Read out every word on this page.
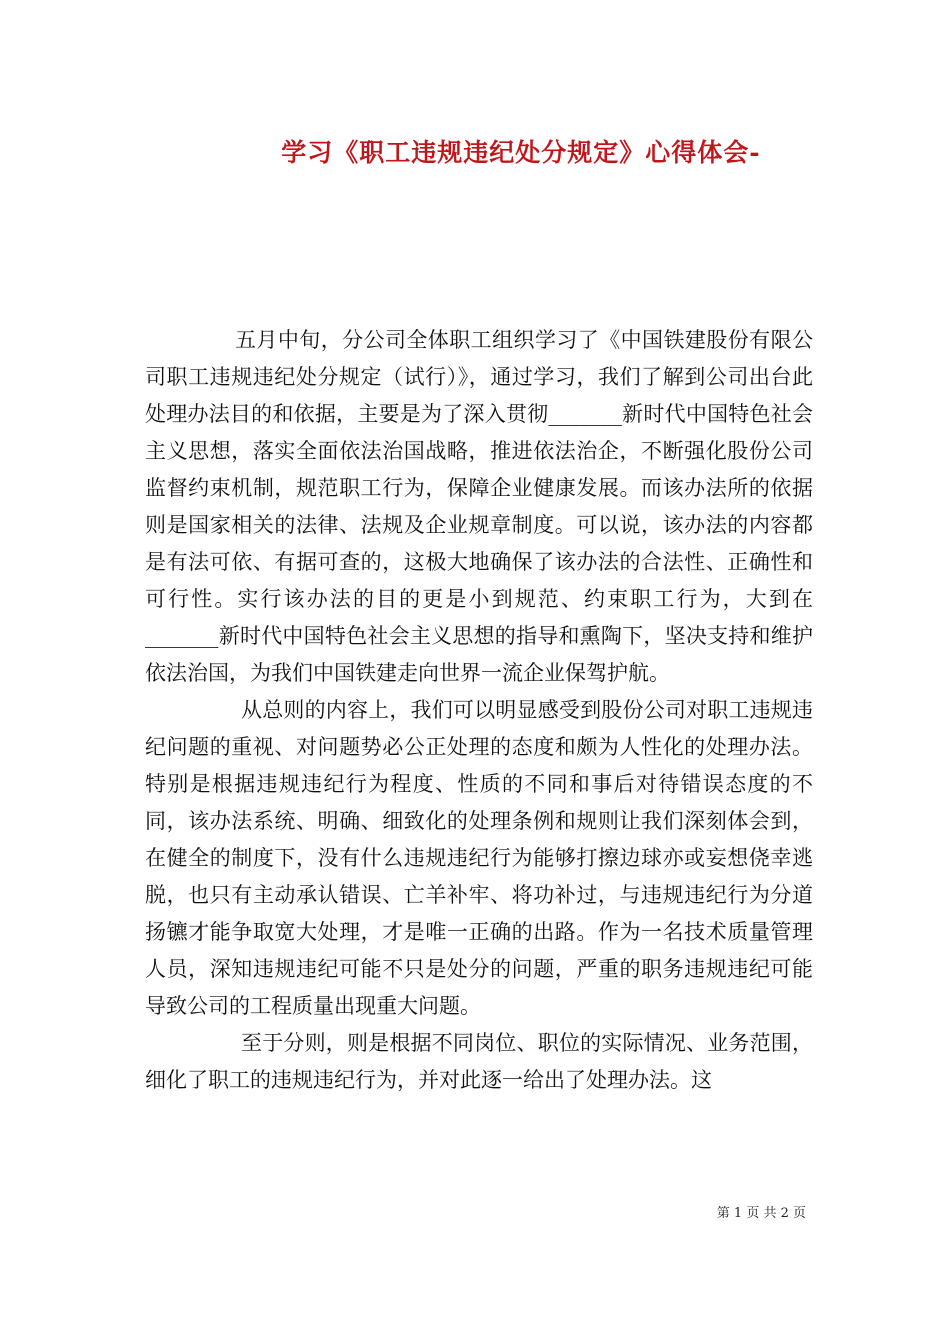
学习《职工违规违纪处分规定》心得体会-

五月中旬，分公司全体职工组织学习了《中国铁建股份有限公司职工违规违纪处分规定（试行）》，通过学习，我们了解到公司出台此处理办法目的和依据，主要是为了深入贯彻_______新时代中国特色社会主义思想，落实全面依法治国战略，推进依法治企，不断强化股份公司监督约束机制，规范职工行为，保障企业健康发展。而该办法所的依据则是国家相关的法律、法规及企业规章制度。可以说，该办法的内容都是有法可依、有据可查的，这极大地确保了该办法的合法性、正确性和可行性。实行该办法的目的更是小到规范、约束职工行为，大到在_______新时代中国特色社会主义思想的指导和熏陶下，坚决支持和维护依法治国，为我们中国铁建走向世界一流企业保驾护航。

从总则的内容上，我们可以明显感受到股份公司对职工违规违纪问题的重视、对问题势必公正处理的态度和颇为人性化的处理办法。特别是根据违规违纪行为程度、性质的不同和事后对待错误态度的不同，该办法系统、明确、细致化的处理条例和规则让我们深刻体会到，在健全的制度下，没有什么违规违纪行为能够打擦边球亦或妄想侥幸逃脱，也只有主动承认错误、亡羊补牢、将功补过，与违规违纪行为分道扬镳才能争取宽大处理，才是唯一正确的出路。作为一名技术质量管理人员，深知违规违纪可能不只是处分的问题，严重的职务违规违纪可能导致公司的工程质量出现重大问题。

至于分则，则是根据不同岗位、职位的实际情况、业务范围，细化了职工的违规违纪行为，并对此逐一给出了处理办法。这

第 1 页 共 2 页
